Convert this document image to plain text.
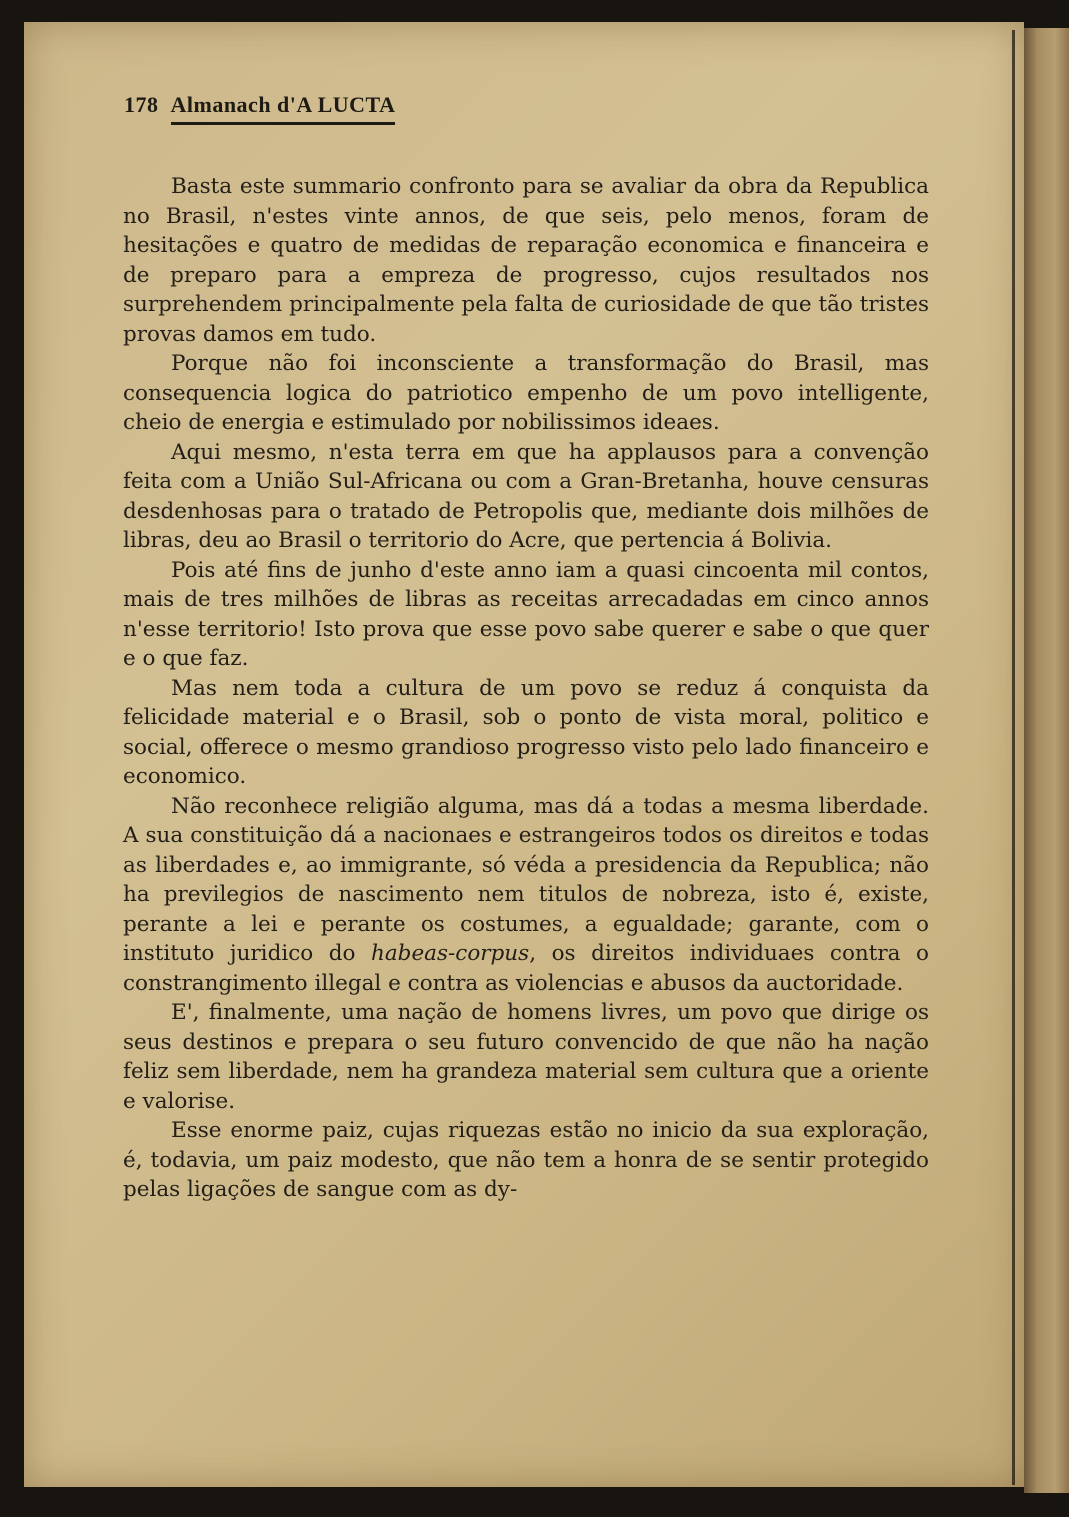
178 Almanach d'A LUCTA

Basta este summario confronto para se avaliar da obra da Republica no Brasil, n'estes vinte annos, de que seis, pelo menos, foram de hesitações e quatro de medidas de reparação economica e financeira e de preparo para a empreza de progresso, cujos resultados nos surprehendem principalmente pela falta de curiosidade de que tão tristes provas damos em tudo.

Porque não foi inconsciente a transformação do Brasil, mas consequencia logica do patriotico empenho de um povo intelligente, cheio de energia e estimulado por nobilissimos ideaes.

Aqui mesmo, n'esta terra em que ha applausos para a convenção feita com a União Sul-Africana ou com a Gran-Bretanha, houve censuras desdenhosas para o tratado de Petropolis que, mediante dois milhões de libras, deu ao Brasil o territorio do Acre, que pertencia á Bolivia.

Pois até fins de junho d'este anno iam a quasi cincoenta mil contos, mais de tres milhões de libras as receitas arrecadadas em cinco annos n'esse territorio! Isto prova que esse povo sabe querer e sabe o que quer e o que faz.

Mas nem toda a cultura de um povo se reduz á conquista da felicidade material e o Brasil, sob o ponto de vista moral, politico e social, offerece o mesmo grandioso progresso visto pelo lado financeiro e economico.

Não reconhece religião alguma, mas dá a todas a mesma liberdade. A sua constituição dá a nacionaes e estrangeiros todos os direitos e todas as liberdades e, ao immigrante, só véda a presidencia da Republica; não ha previlegios de nascimento nem titulos de nobreza, isto é, existe, perante a lei e perante os costumes, a egualdade; garante, com o instituto juridico do habeas-corpus, os direitos individuaes contra o constrangimento illegal e contra as violencias e abusos da auctoridade.

E', finalmente, uma nação de homens livres, um povo que dirige os seus destinos e prepara o seu futuro convencido de que não ha nação feliz sem liberdade, nem ha grandeza material sem cultura que a oriente e valorise.

Esse enorme paiz, cujas riquezas estão no inicio da sua exploração, é, todavia, um paiz modesto, que não tem a honra de se sentir protegido pelas ligações de sangue com as dy-
